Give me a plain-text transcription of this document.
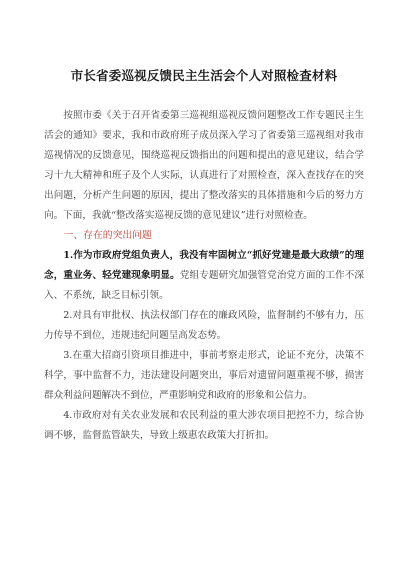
市长省委巡视反馈民主生活会个人对照检查材料

按照市委《关于召开省委第三巡视组巡视反馈问题整改工作专题民主生活会的通知》要求，我和市政府班子成员深入学习了省委第三巡视组对我市巡视情况的反馈意见，围绕巡视反馈指出的问题和提出的意见建议，结合学习十九大精神和班子及个人实际，认真进行了对照检查，深入查找存在的突出问题，分析产生问题的原因，提出了整改落实的具体措施和今后的努力方向。下面，我就“整改落实巡视反馈的意见建议”进行对照检查。

一、存在的突出问题

1.作为市政府党组负责人，我没有牢固树立“抓好党建是最大政绩”的理念，重业务、轻党建现象明显。党组专题研究加强管党治党方面的工作不深入、不系统，缺乏目标引领。

2.对具有审批权、执法权部门存在的廉政风险，监督制约不够有力，压力传导不到位，违规违纪问题呈高发态势。

3.在重大招商引资项目推进中，事前考察走形式，论证不充分，决策不科学，事中监督不力，违法建设问题突出，事后对遗留问题重视不够，损害群众利益问题解决不到位，严重影响党和政府的形象和公信力。

4.市政府对有关农业发展和农民利益的重大涉农项目把控不力，综合协调不够，监督监管缺失，导致上级惠农政策大打折扣。
